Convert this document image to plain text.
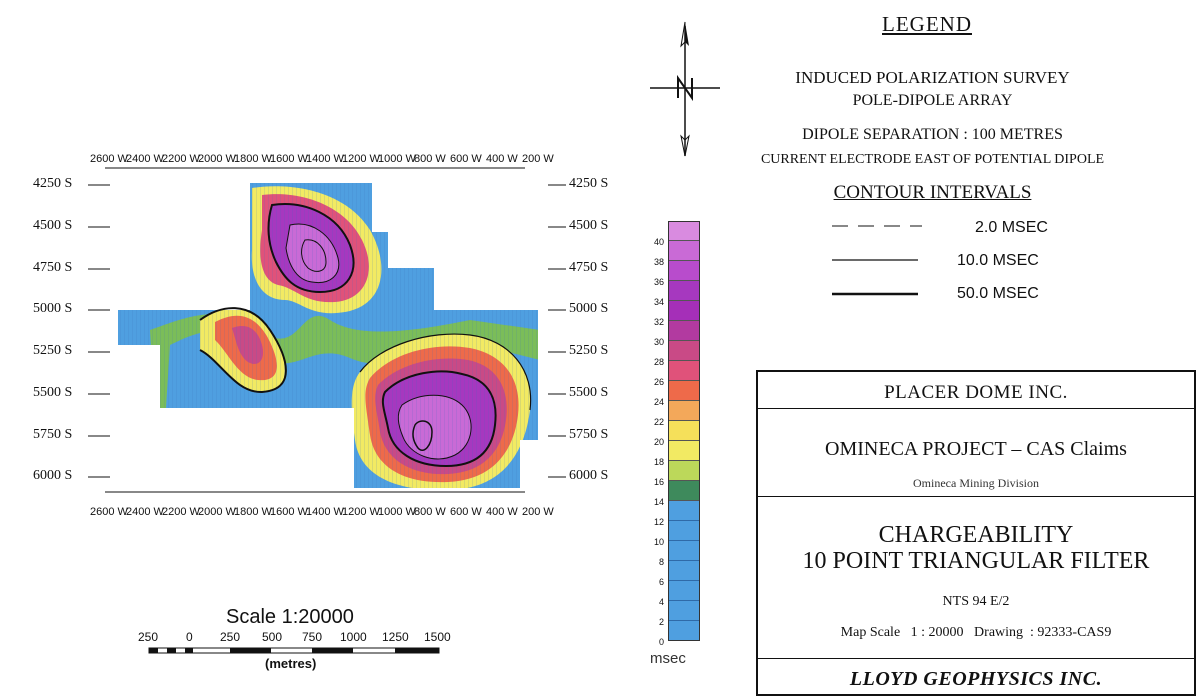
LEGEND
INDUCED POLARIZATION SURVEY
POLE-DIPOLE ARRAY
DIPOLE SEPARATION : 100 METRES
CURRENT ELECTRODE EAST OF POTENTIAL DIPOLE
CONTOUR INTERVALS
2.0 MSEC
10.0 MSEC
50.0 MSEC
2600 W
2400 W
2200 W
2000 W
1800 W
1600 W
1400 W
1200 W
1000 W
800 W 600 W 400 W 200 W
2600 W
2400 W
2200 W
2000 W
1800 W
1600 W
1400 W
1200 W
1000 W
800 W 600 W 400 W 200 W
4250 S
4500 S
4750 S
5000 S
5250 S
5500 S
5750 S
6000 S
4250 S
4500 S
4750 S
5000 S
5250 S
5500 S
5750 S
6000 S
40
38
36
34
32
30
28
26
24
22
20
18
16
14
12
10
8
6
4
2
0
msec
Scale 1:20000
250 0 250 500 750 1000 1250 1500
(metres)
PLACER DOME INC.
OMINECA PROJECT – CAS Claims
Omineca Mining Division
CHARGEABILITY
10 POINT TRIANGULAR FILTER
NTS 94 E/2
Map Scale   1 : 20000   Drawing  : 92333-CAS9
LLOYD GEOPHYSICS INC.
